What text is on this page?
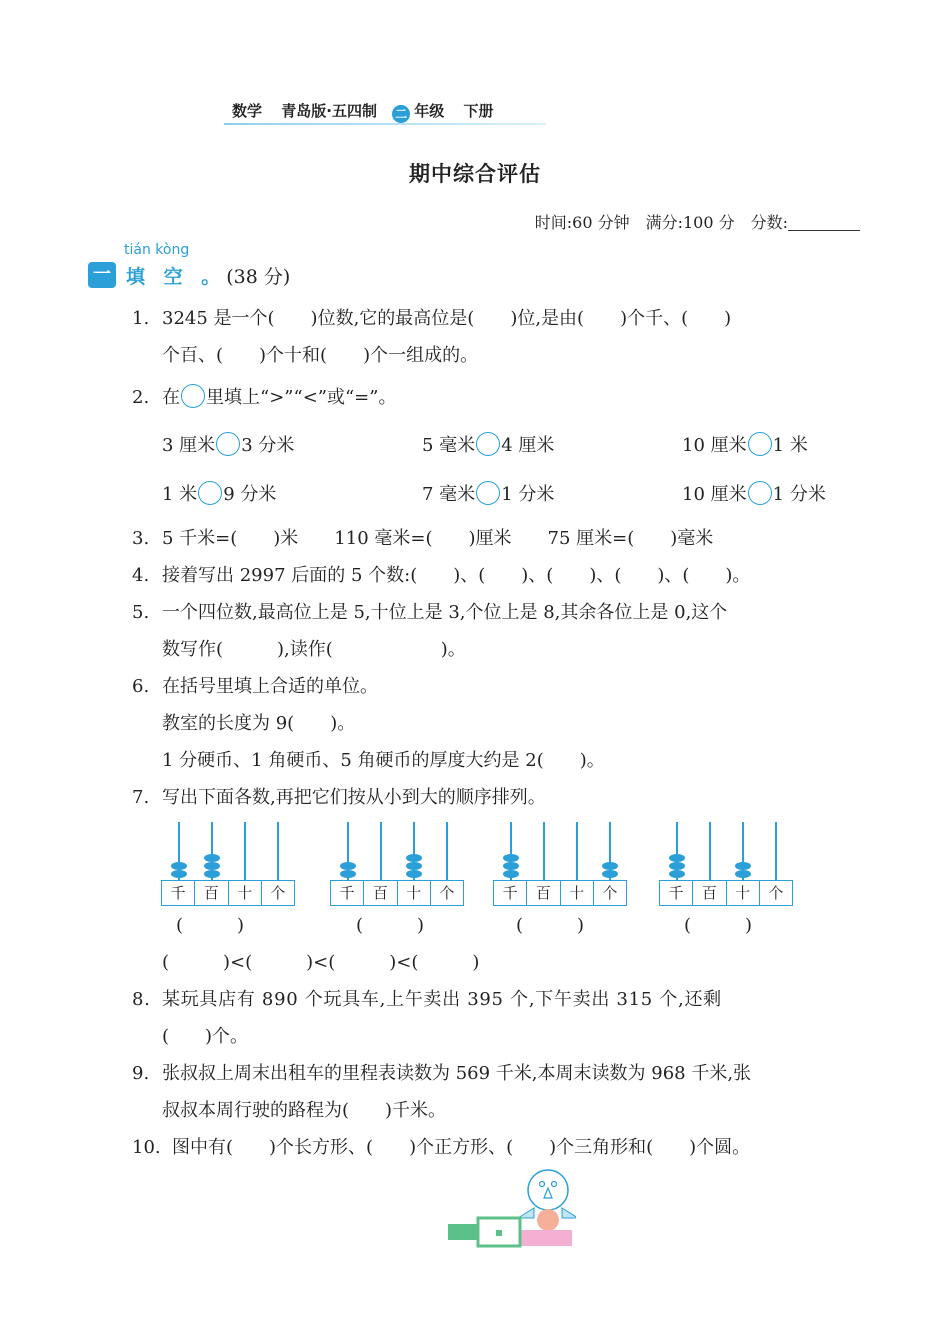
数学 青岛版·五四制 二 年级 下册
期中综合评估
时间:60 分钟　满分:100 分　分数:
tián kòng
一 填 空 。(38 分)
1. 3245 是一个(　　)位数,它的最高位是(　　)位,是由(　　)个千、(　　)
个百、(　　)个十和(　　)个一组成的。
2. 在 里填上“>”“<”或“=”。
3 厘米 3 分米	5 毫米 4 厘米	10 厘米 1 米
1 米 9 分米	7 毫米 1 分米	10 厘米 1 分米
3. 5 千米=(　　)米　　110 毫米=(　　)厘米　　75 厘米=(　　)毫米
4. 接着写出 2997 后面的 5 个数:(　　)、(　　)、(　　)、(　　)、(　　)。
5. 一个四位数,最高位上是 5,十位上是 3,个位上是 8,其余各位上是 0,这个
数写作(　　　),读作(　　　　　　)。
6. 在括号里填上合适的单位。
教室的长度为 9(　　)。
1 分硬币、1 角硬币、5 角硬币的厚度大约是 2(　　)。
7. 写出下面各数,再把它们按从小到大的顺序排列。
千	百	十	个	千	百	十	个	千	百	十	个	千	百	十	个
(　　　)	(　　　)	(　　　)	(　　　)
(　　　)<(　　　)<(　　　)<(　　　)
8. 某玩具店有 890 个玩具车,上午卖出 395 个,下午卖出 315 个,还剩
(　　)个。
9. 张叔叔上周末出租车的里程表读数为 569 千米,本周末读数为 968 千米,张
叔叔本周行驶的路程为(　　)千米。
10. 图中有(　　)个长方形、(　　)个正方形、(　　)个三角形和(　　)个圆。
